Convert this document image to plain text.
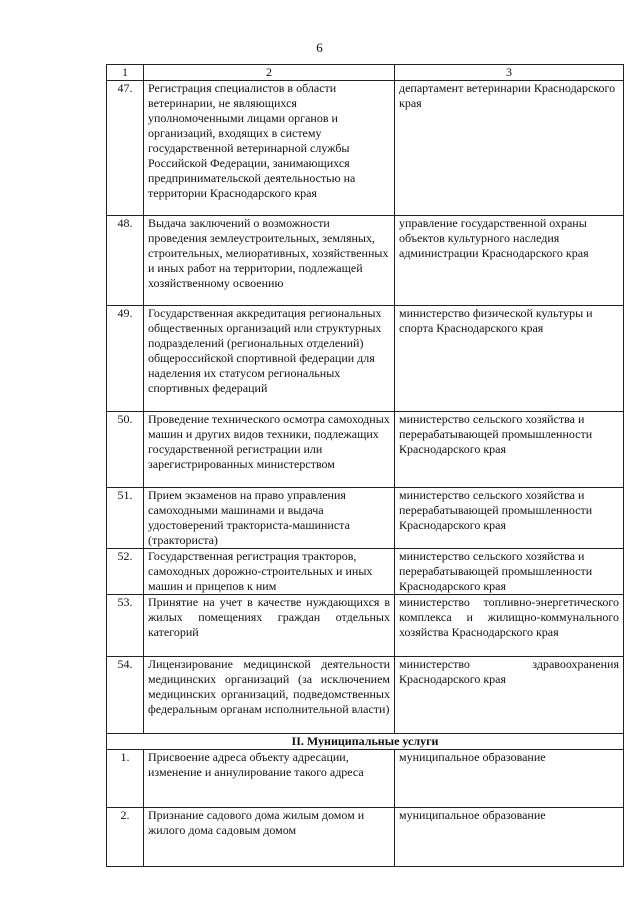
6
1	2	3
47.	Регистрация специалистов в области ветеринарии, не являющихся уполномоченными лицами органов и организаций, входящих в систему государственной ветеринарной службы Российской Федерации, занимающихся предпринимательской деятельностью на территории Краснодарского края	департамент ветеринарии Краснодарского края
48.	Выдача заключений о возможности проведения землеустроительных, земляных, строительных, мелиоративных, хозяйственных и иных работ на территории, подлежащей хозяйственному освоению	управление государственной охраны объектов культурного наследия администрации Краснодарского края
49.	Государственная аккредитация региональных общественных организаций или структурных подразделений (региональных отделений) общероссийской спортивной федерации для наделения их статусом региональных спортивных федераций	министерство физической культуры и спорта Краснодарского края
50.	Проведение технического осмотра самоходных машин и других видов техники, подлежащих государственной регистрации или зарегистрированных министерством	министерство сельского хозяйства и перерабатывающей промышленности Краснодарского края
51.	Прием экзаменов на право управления самоходными машинами и выдача удостоверений тракториста-машиниста (тракториста)	министерство сельского хозяйства и перерабатывающей промышленности Краснодарского края
52.	Государственная регистрация тракторов, самоходных дорожно-строительных и иных машин и прицепов к ним	министерство сельского хозяйства и перерабатывающей промышленности Краснодарского края
53.	Принятие на учет в качестве нуждающихся в жилых помещениях граждан отдельных категорий	министерство топливно-энергетического комплекса и жилищно-коммунального хозяйства Краснодарского края
54.	Лицензирование медицинской деятельности медицинских организаций (за исключением медицинских организаций, подведомственных федеральным органам исполнительной власти)	министерство здравоохранения Краснодарского края
II. Муниципальные услуги		
1.	Присвоение адреса объекту адресации, изменение и аннулирование такого адреса	муниципальное образование
2.	Признание садового дома жилым домом и жилого дома садовым домом	муниципальное образование
